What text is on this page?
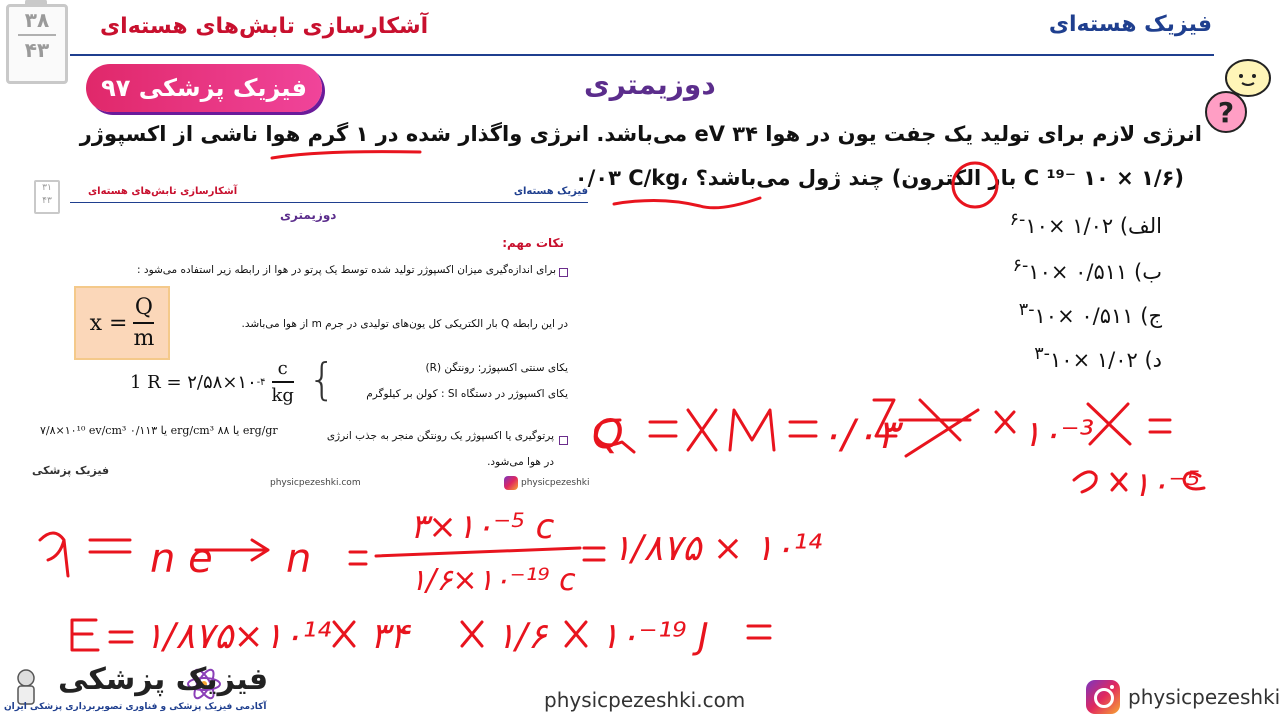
۳۸
۴۳
آشکارسازی تابش‌های هسته‌ای	فیزیک هسته‌ای
فیزیک پزشکی ۹۷	دوزیمتری
?
انرژی لازم برای تولید یک جفت یون در هوا ۳۴ eV می‌باشد. انرژی واگذار شده در ۱ گرم هوا ناشی از اکسپوژر
۰/۰۳ C/kg، چند ژول می‌باشد؟ (بار الکترون C ¹⁹⁻ ۱۰ × ۱/۶)
الف) ۱/۰۲ $\times ۱۰^{-۶}$
ب) ۰/۵۱۱ $\times ۱۰^{-۶}$
ج) ۰/۵۱۱ $\times ۱۰^{-۳}$
د) ۱/۰۲ $\times ۱۰^{-۳}$
۳۱
۴۳
آشکارسازی تابش‌های هسته‌ای	فیزیک هسته‌ای
دوزیمتری
نکات مهم:
برای اندازه‌گیری میزان اکسپوژر تولید شده توسط یک پرتو در هوا از رابطه زیر استفاده می‌شود :
$x = \frac{Q}{m}$	در این رابطه Q بار الکتریکی کل یون‌های تولیدی در جرم m از هوا می‌باشد.
1 R = ۲/۵۸×۱۰ -۴ $\frac{c}{kg}$ {	یکای سنتی اکسپوژر: رونتگن (R)
یکای اکسپوژر در دستگاه SI : کولن بر کیلوگرم
پرتوگیری یا اکسپوژر یک رونتگن منجر به جذب انرژی
۷/۸×۱۰¹⁰ ev/cm³ یا ۰/۱۱۳ erg/cm³ یا ۸۸ erg/gr
در هوا می‌شود.
فیزیک پزشکی
physicpezeshki.com	physicpezeshki
۰/۰۳	۱۰⁻³
۱۰⁻⁵
n e n
۳×۱۰⁻⁵ c
۱/۶×۱۰⁻¹⁹ c
۱/۸۷۵ × ۱۰¹⁴
۱/۸۷۵×۱۰¹⁴ ۳۴ ۱/۶ ۱۰⁻¹⁹ J
Q
فیزیک پزشکی
آکادمی فیزیک پزشکی و فناوری تصویربرداری پزشکی ایران	physicpezeshki.com	physicpezeshki
